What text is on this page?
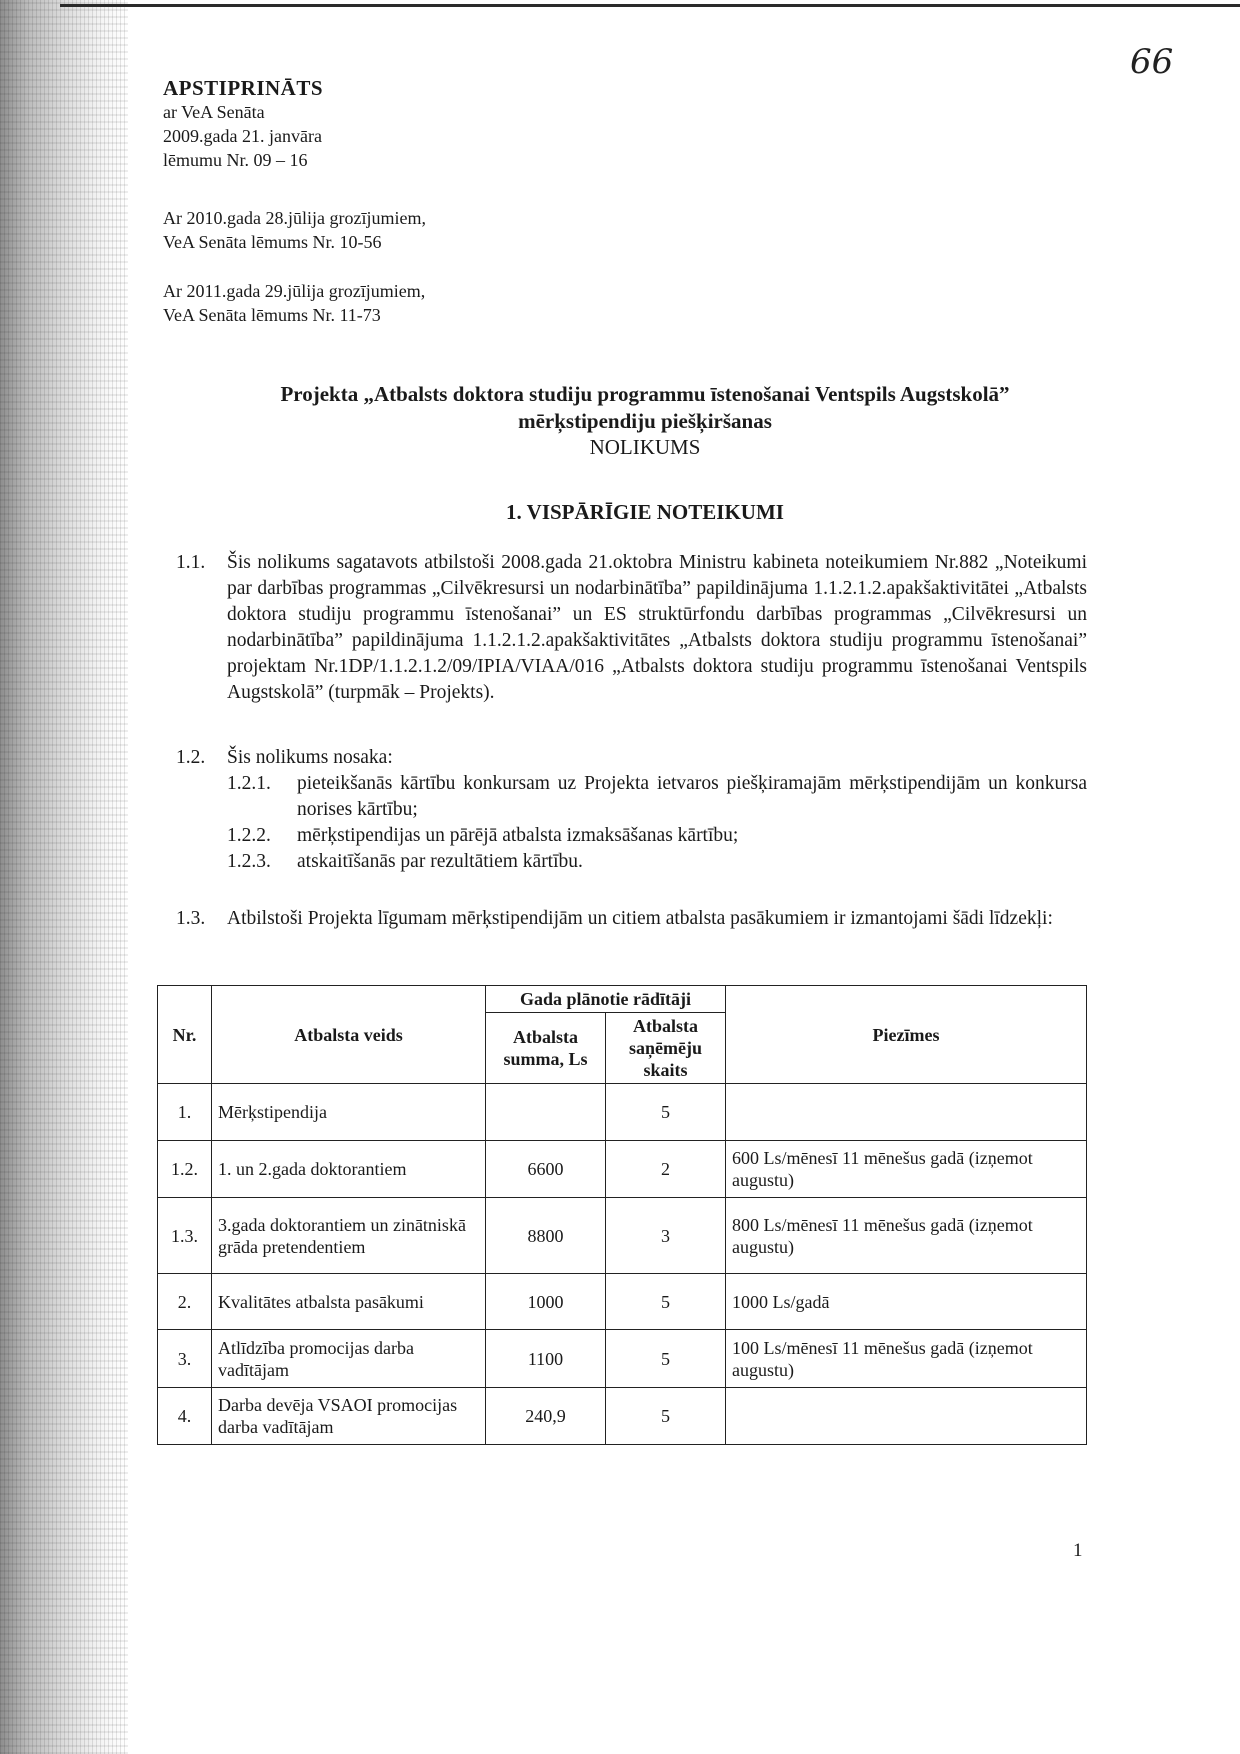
66
APSTIPRINĀTS
ar VeA Senāta
2009.gada 21. janvāra
lēmumu Nr. 09 – 16
Ar 2010.gada 28.jūlija grozījumiem,
VeA Senāta lēmums Nr. 10-56
Ar 2011.gada 29.jūlija grozījumiem,
VeA Senāta lēmums Nr. 11-73
Projekta „Atbalsts doktora studiju programmu īstenošanai Ventspils Augstskolā”
mērķstipendiju piešķiršanas
NOLIKUMS
1. VISPĀRĪGIE NOTEIKUMI
1.1. Šis nolikums sagatavots atbilstoši 2008.gada 21.oktobra Ministru kabineta noteikumiem Nr.882 „Noteikumi par darbības programmas „Cilvēkresursi un nodarbinātība” papildinājuma 1.1.2.1.2.apakšaktivitātei „Atbalsts doktora studiju programmu īstenošanai” un ES struktūrfondu darbības programmas „Cilvēkresursi un nodarbinātība” papildinājuma 1.1.2.1.2.apakšaktivitātes „Atbalsts doktora studiju programmu īstenošanai” projektam Nr.1DP/1.1.2.1.2/09/IPIA/VIAA/016 „Atbalsts doktora studiju programmu īstenošanai Ventspils Augstskolā” (turpmāk – Projekts).
1.2. Šis nolikums nosaka:
1.2.1. pieteikšanās kārtību konkursam uz Projekta ietvaros piešķiramajām mērķstipendijām un konkursa norises kārtību;
1.2.2. mērķstipendijas un pārējā atbalsta izmaksāšanas kārtību;
1.2.3. atskaitīšanās par rezultātiem kārtību.
1.3. Atbilstoši Projekta līgumam mērķstipendijām un citiem atbalsta pasākumiem ir izmantojami šādi līdzekļi:
Nr.	Atbalsta veids	Gada plānotie rādītāji		Piezīmes
		Atbalsta summa, Ls	Atbalsta saņēmēju skaits	
1.	Mērķstipendija		5	
1.2.	1. un 2.gada doktorantiem	6600	2	600 Ls/mēnesī 11 mēnešus gadā (izņemot augustu)
1.3.	3.gada doktorantiem un zinātniskā grāda pretendentiem	8800	3	800 Ls/mēnesī 11 mēnešus gadā (izņemot augustu)
2.	Kvalitātes atbalsta pasākumi	1000	5	1000 Ls/gadā
3.	Atlīdzība promocijas darba vadītājam	1100	5	100 Ls/mēnesī 11 mēnešus gadā (izņemot augustu)
4.	Darba devēja VSAOI promocijas darba vadītājam	240,9	5	
1
